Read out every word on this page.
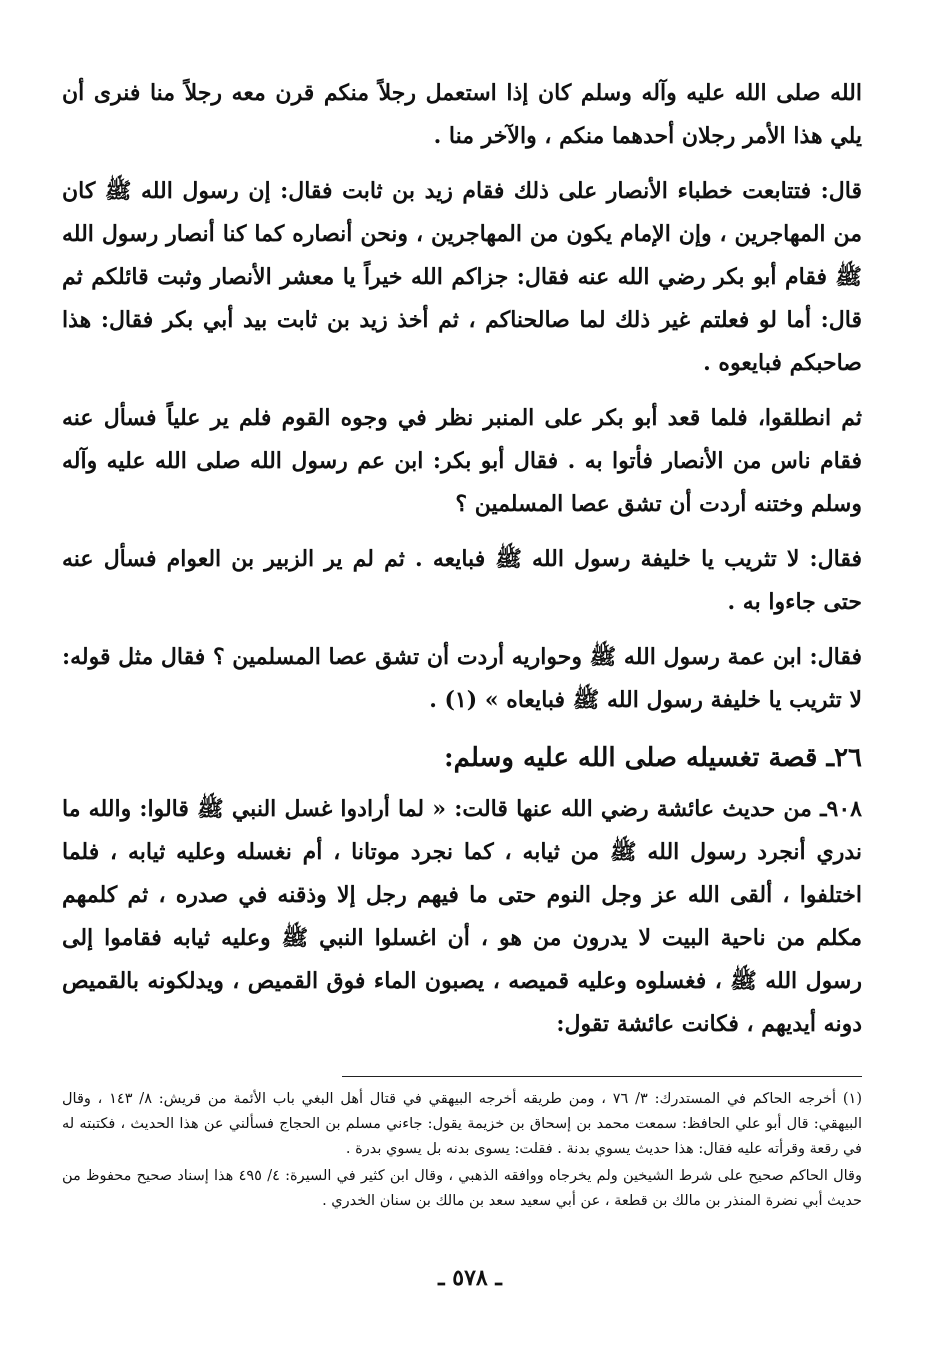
الله صلى الله عليه وآله وسلم كان إذا استعمل رجلاً منكم قرن معه رجلاً منا فنرى أن يلي هذا الأمر رجلان أحدهما منكم ، والآخر منا .

قال: فتتابعت خطباء الأنصار على ذلك فقام زيد بن ثابت فقال: إن رسول الله ﷺ كان من المهاجرين ، وإن الإمام يكون من المهاجرين ، ونحن أنصاره كما كنا أنصار رسول الله ﷺ فقام أبو بكر رضي الله عنه فقال: جزاكم الله خيراً يا معشر الأنصار وثبت قائلكم ثم قال: أما لو فعلتم غير ذلك لما صالحناكم ، ثم أخذ زيد بن ثابت بيد أبي بكر فقال: هذا صاحبكم فبايعوه .

ثم انطلقوا، فلما قعد أبو بكر على المنبر نظر في وجوه القوم فلم ير علياً فسأل عنه فقام ناس من الأنصار فأتوا به . فقال أبو بكر: ابن عم رسول الله صلى الله عليه وآله وسلم وختنه أردت أن تشق عصا المسلمين ؟

فقال: لا تثريب يا خليفة رسول الله ﷺ فبايعه . ثم لم ير الزبير بن العوام فسأل عنه حتى جاءوا به .

فقال: ابن عمة رسول الله ﷺ وحواريه أردت أن تشق عصا المسلمين ؟ فقال مثل قوله: لا تثريب يا خليفة رسول الله ﷺ فبايعاه » (١) .

٢٦ـ قصة تغسيله صلى الله عليه وسلم:

٩٠٨ـ من حديث عائشة رضي الله عنها قالت: « لما أرادوا غسل النبي ﷺ قالوا: والله ما ندري أنجرد رسول الله ﷺ من ثيابه ، كما نجرد موتانا ، أم نغسله وعليه ثيابه ، فلما اختلفوا ، ألقى الله عز وجل النوم حتى ما فيهم رجل إلا وذقنه في صدره ، ثم كلمهم مكلم من ناحية البيت لا يدرون من هو ، أن اغسلوا النبي ﷺ وعليه ثيابه فقاموا إلى رسول الله ﷺ ، فغسلوه وعليه قميصه ، يصبون الماء فوق القميص ، ويدلكونه بالقميص دونه أيديهم ، فكانت عائشة تقول:

(١) أخرجه الحاكم في المستدرك: ٣/ ٧٦ ، ومن طريقه أخرجه البيهقي في قتال أهل البغي باب الأئمة من قريش: ٨/ ١٤٣ ، وقال البيهقي: قال أبو علي الحافظ: سمعت محمد بن إسحاق بن خزيمة يقول: جاءني مسلم بن الحجاج فسألني عن هذا الحديث ، فكتبته له في رقعة وقرأته عليه فقال: هذا حديث يسوي بدنة . فقلت: يسوى بدنه بل يسوي بدرة .

وقال الحاكم صحيح على شرط الشيخين ولم يخرجاه ووافقه الذهبي ، وقال ابن كثير في السيرة: ٤/ ٤٩٥ هذا إسناد صحيح محفوظ من حديث أبي نضرة المنذر بن مالك بن قطعة ، عن أبي سعيد سعد بن مالك بن سنان الخدري .

ـ ٥٧٨ ـ
